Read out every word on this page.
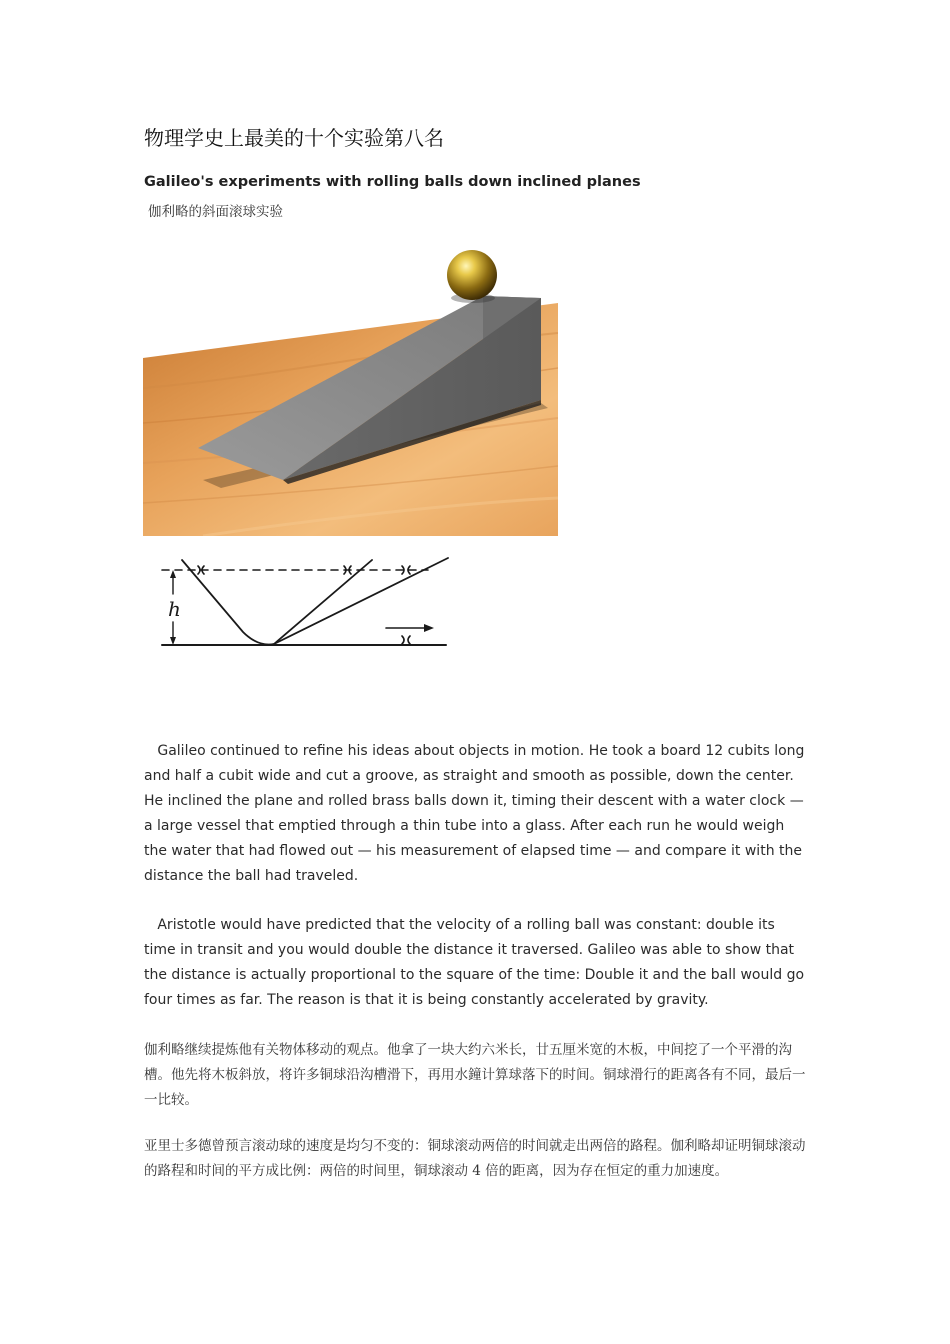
物理学史上最美的十个实验第八名
Galileo's experiments with rolling balls down inclined planes
伽利略的斜面滚球实验
h

Galileo continued to refine his ideas about objects in motion. He took a board 12 cubits long and half a cubit wide and cut a groove, as straight and smooth as possible, down the center. He inclined the plane and rolled brass balls down it, timing their descent with a water clock — a large vessel that emptied through a thin tube into a glass. After each run he would weigh the water that had flowed out — his measurement of elapsed time — and compare it with the distance the ball had traveled.

Aristotle would have predicted that the velocity of a rolling ball was constant: double its time in transit and you would double the distance it traversed. Galileo was able to show that the distance is actually proportional to the square of the time: Double it and the ball would go four times as far. The reason is that it is being constantly accelerated by gravity.

伽利略继续提炼他有关物体移动的观点。他拿了一块大约六米长，廿五厘米宽的木板，中间挖了一个平滑的沟槽。他先将木板斜放，将许多铜球沿沟槽滑下，再用水鐘计算球落下的时间。铜球滑行的距离各有不同，最后一一比较。

亚里士多德曾预言滚动球的速度是均匀不变的：铜球滚动两倍的时间就走出两倍的路程。伽利略却证明铜球滚动的路程和时间的平方成比例：两倍的时间里，铜球滚动 4 倍的距离，因为存在恒定的重力加速度。
